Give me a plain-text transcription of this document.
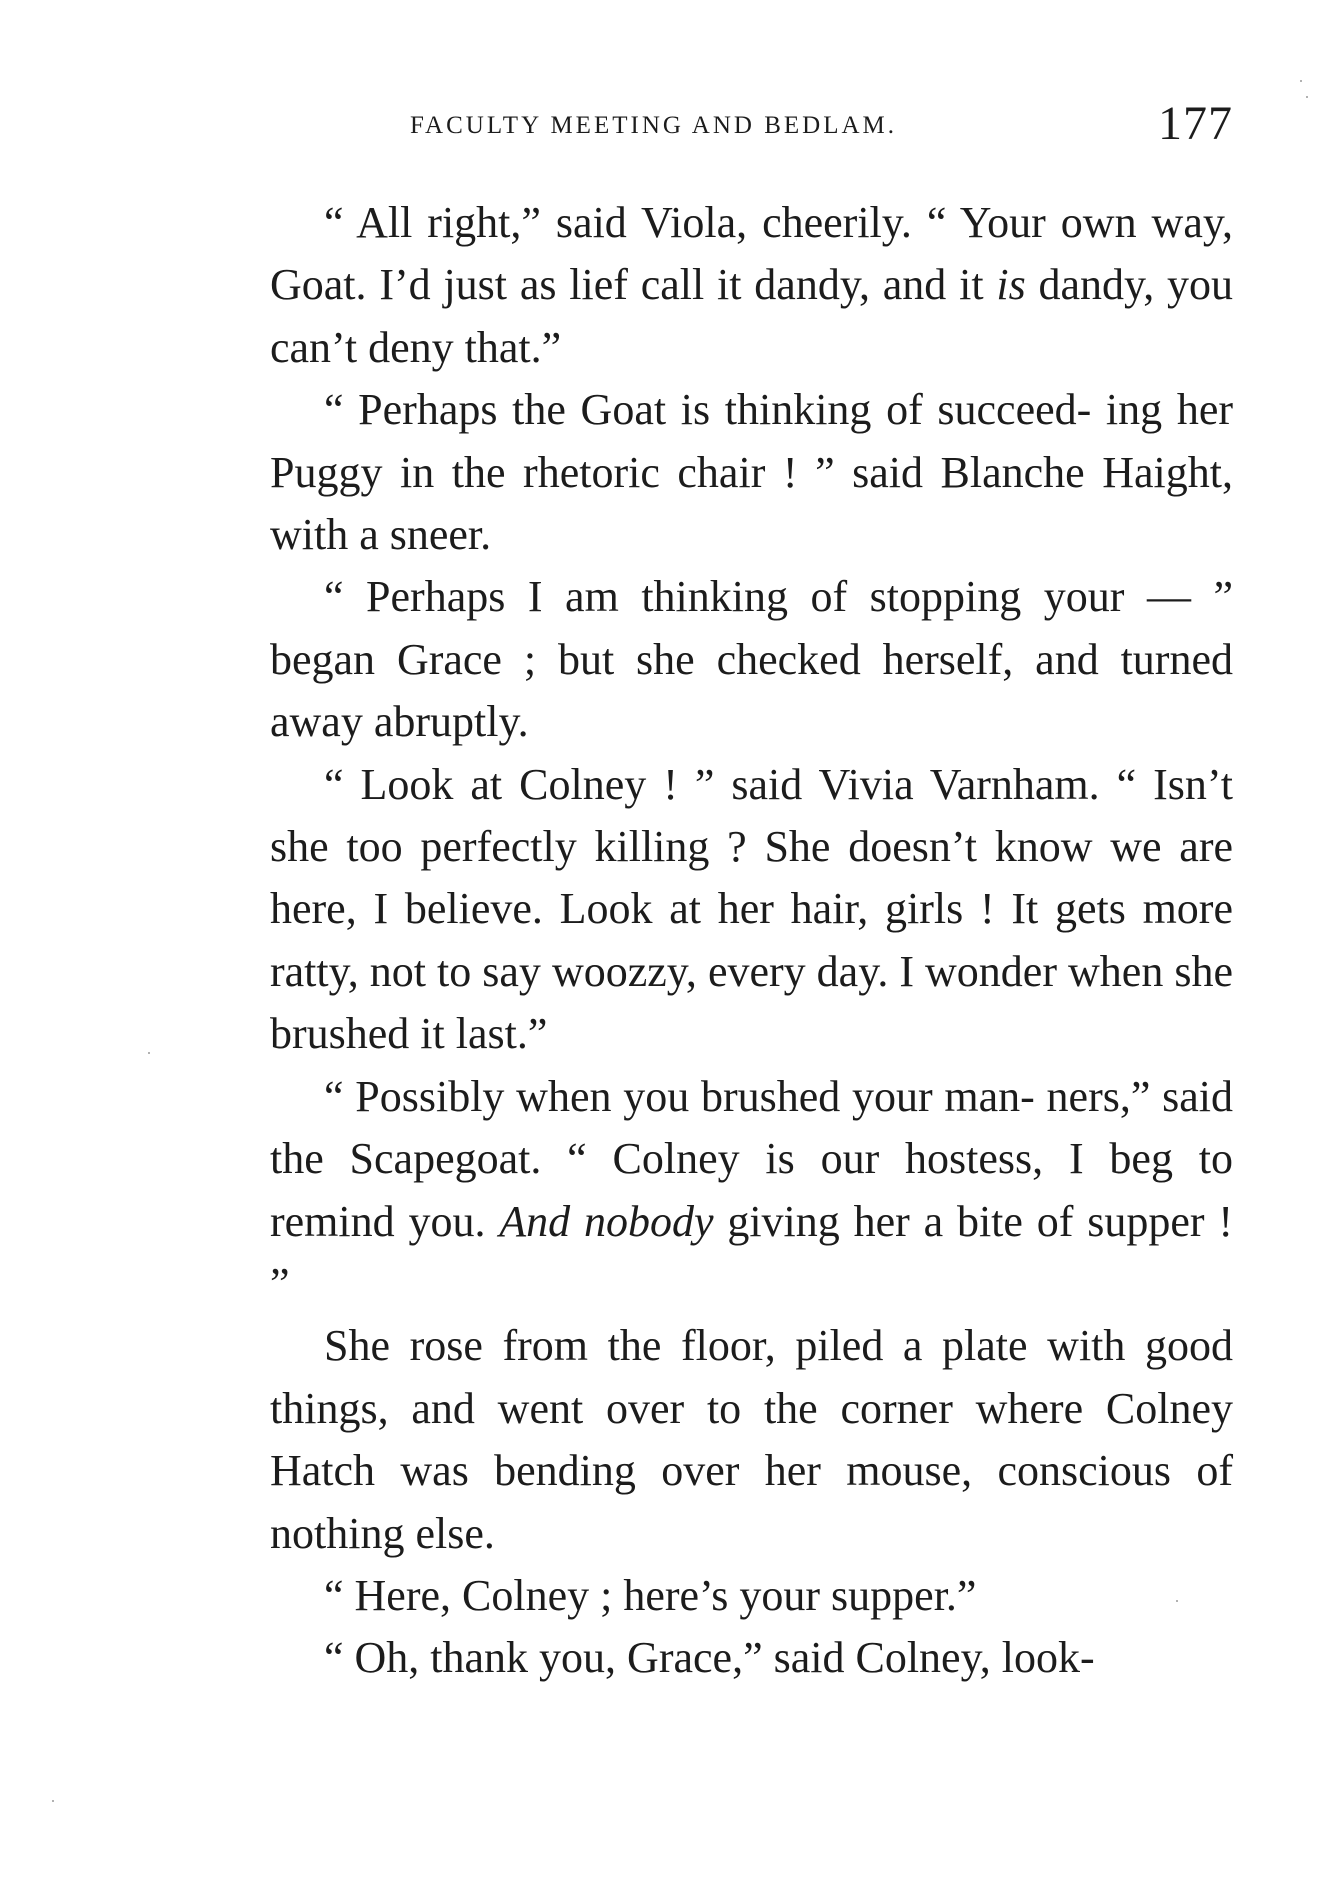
FACULTY MEETING AND BEDLAM.	177

“ All right,” said Viola, cheerily. “ Your own way, Goat. I’d just as lief call it dandy, and it is dandy, you can’t deny that.”

“ Perhaps the Goat is thinking of succeed- ing her Puggy in the rhetoric chair ! ” said Blanche Haight, with a sneer.

“ Perhaps I am thinking of stopping your — ” began Grace ; but she checked herself, and turned away abruptly.

“ Look at Colney ! ” said Vivia Varnham. “ Isn’t she too perfectly killing ? She doesn’t know we are here, I believe. Look at her hair, girls ! It gets more ratty, not to say woozzy, every day. I wonder when she brushed it last.”

“ Possibly when you brushed your man- ners,” said the Scapegoat. “ Colney is our hostess, I beg to remind you. And nobody giving her a bite of supper ! ”

She rose from the floor, piled a plate with good things, and went over to the corner where Colney Hatch was bending over her mouse, conscious of nothing else.

“ Here, Colney ; here’s your supper.”

“ Oh, thank you, Grace,” said Colney, look-
